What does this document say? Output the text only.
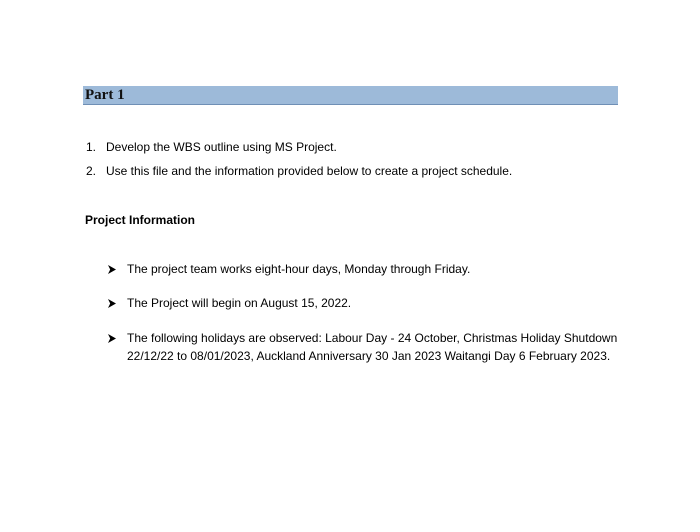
Part 1
1. Develop the WBS outline using MS Project.
2. Use this file and the information provided below to create a project schedule.
Project Information
The project team works eight-hour days, Monday through Friday.
The Project will begin on August 15, 2022.
The following holidays are observed: Labour Day - 24 October, Christmas Holiday Shutdown 22/12/22 to 08/01/2023, Auckland Anniversary 30 Jan 2023 Waitangi Day 6 February 2023.
